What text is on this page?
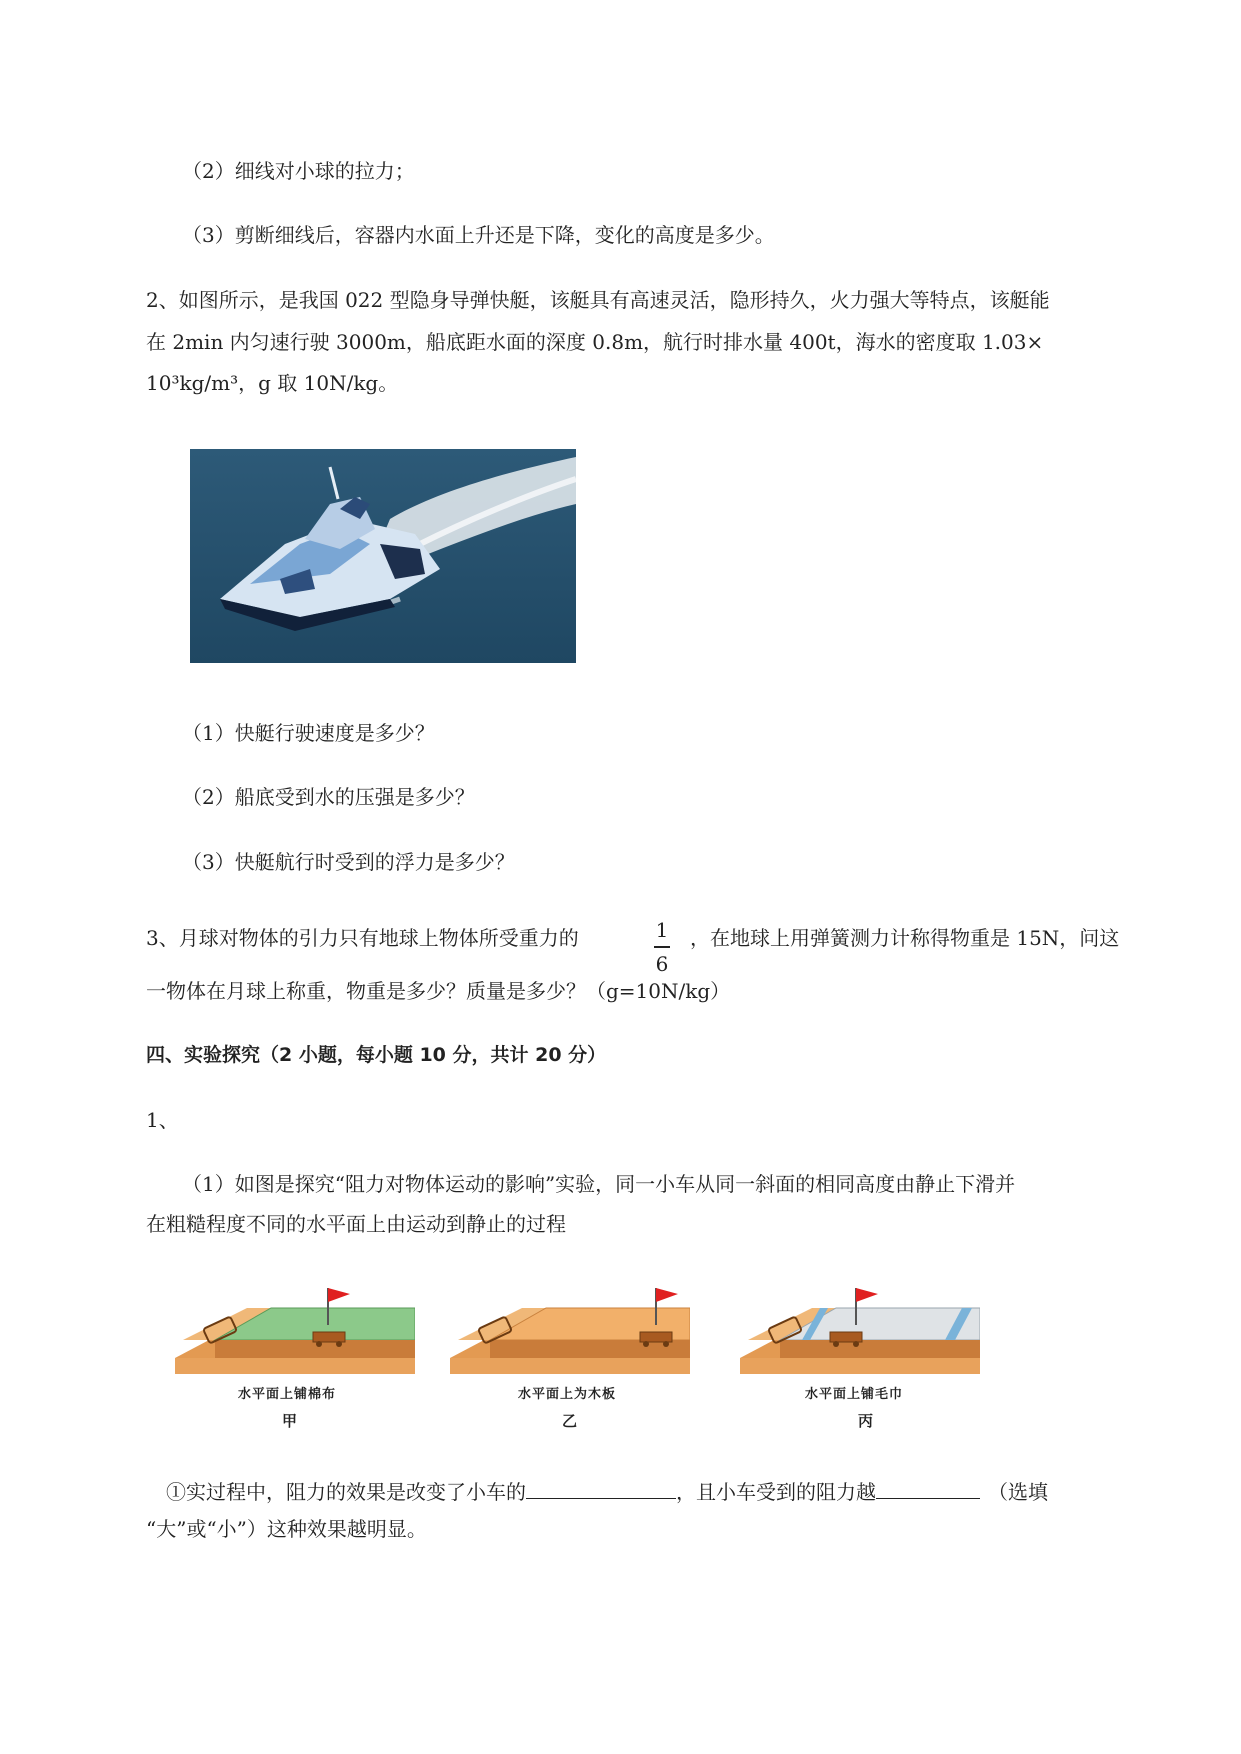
（2）细线对小球的拉力；
（3）剪断细线后，容器内水面上升还是下降，变化的高度是多少。
2、如图所示，是我国 022 型隐身导弹快艇，该艇具有高速灵活，隐形持久，火力强大等特点，该艇能
在 2min 内匀速行驶 3000m，船底距水面的深度 0.8m，航行时排水量 400t，海水的密度取 1.03×
10³kg/m³，g 取 10N/kg。
（1）快艇行驶速度是多少？
（2）船底受到水的压强是多少？
（3）快艇航行时受到的浮力是多少？
3、月球对物体的引力只有地球上物体所受重力的	1
6
，在地球上用弹簧测力计称得物重是 15N，问这
一物体在月球上称重，物重是多少？质量是多少？（g=10N/kg）
四、实验探究（2 小题，每小题 10 分，共计 20 分）
1、
（1）如图是探究“阻力对物体运动的影响”实验，同一小车从同一斜面的相同高度由静止下滑并
在粗糙程度不同的水平面上由运动到静止的过程
水平面上铺棉布
甲
水平面上为木板
乙
水平面上铺毛巾
丙
①实过程中，阻力的效果是改变了小车的	，且小车受到的阻力越	（选填
“大”或“小”）这种效果越明显。
